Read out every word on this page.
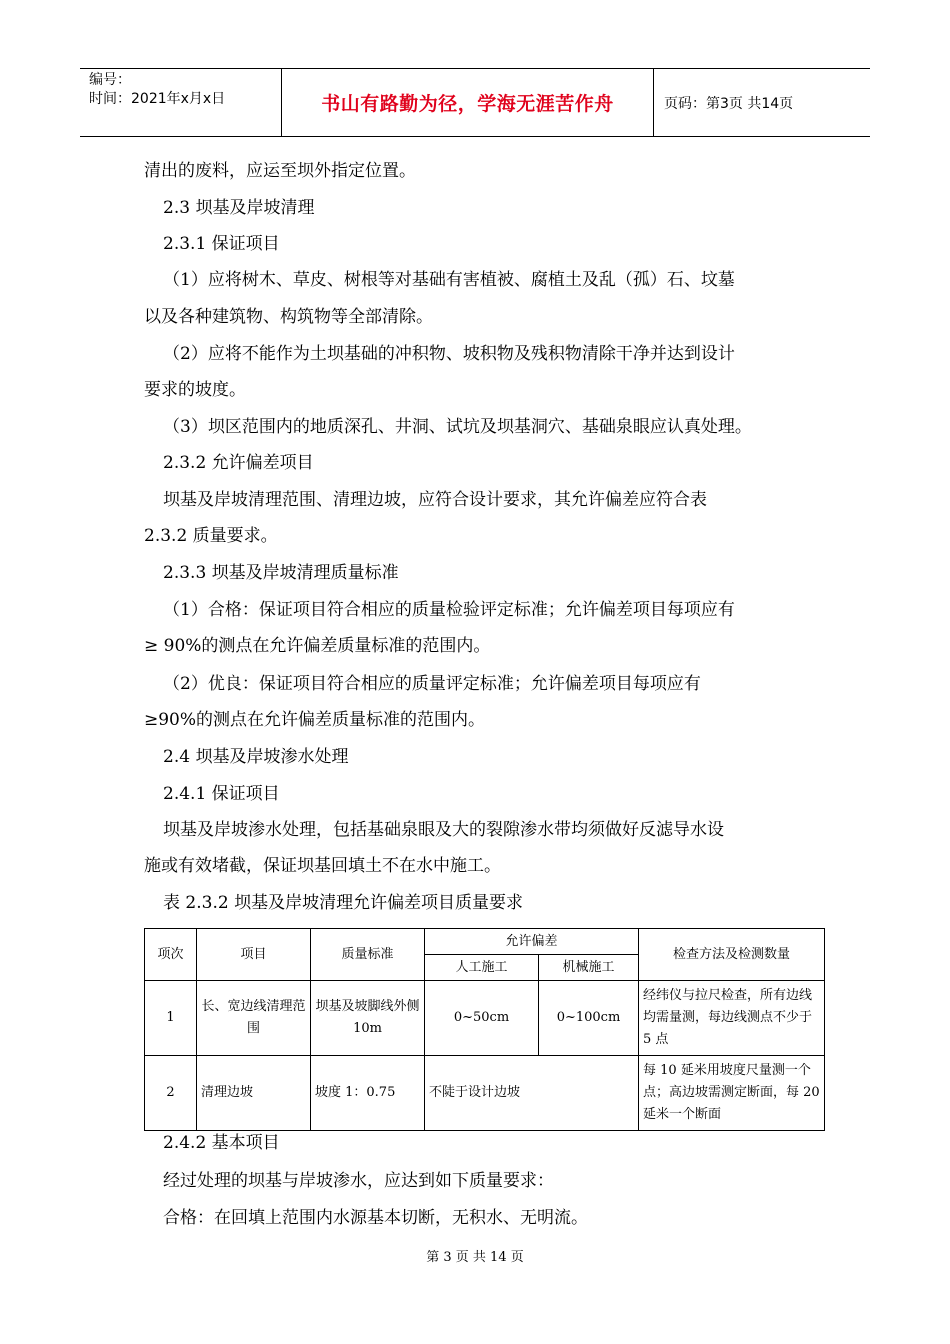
编号：
时间：2021年x月x日	书山有路勤为径，学海无涯苦作舟	页码：第3页 共14页
清出的废料，应运至坝外指定位置。
2.3 坝基及岸坡清理
2.3.1 保证项目
（1）应将树木、草皮、树根等对基础有害植被、腐植土及乱（孤）石、坟墓
以及各种建筑物、构筑物等全部清除。
（2）应将不能作为土坝基础的冲积物、坡积物及残积物清除干净并达到设计
要求的坡度。
（3）坝区范围内的地质深孔、井洞、试坑及坝基洞穴、基础泉眼应认真处理。
2.3.2 允许偏差项目
坝基及岸坡清理范围、清理边坡，应符合设计要求，其允许偏差应符合表
2.3.2 质量要求。
2.3.3 坝基及岸坡清理质量标准
（1）合格：保证项目符合相应的质量检验评定标准；允许偏差项目每项应有
≥ 90%的测点在允许偏差质量标准的范围内。
（2）优良：保证项目符合相应的质量评定标准；允许偏差项目每项应有
≥90%的测点在允许偏差质量标准的范围内。
2.4 坝基及岸坡渗水处理
2.4.1 保证项目
坝基及岸坡渗水处理，包括基础泉眼及大的裂隙渗水带均须做好反滤导水设
施或有效堵截，保证坝基回填土不在水中施工。
表 2.3.2 坝基及岸坡清理允许偏差项目质量要求
项次	项目	质量标准	允许偏差		检查方法及检测数量
			人工施工	机械施工	
1	长、宽边线清理范围	坝基及坡脚线外侧 10m	0~50cm	0~100cm	经纬仪与拉尺检查，所有边线均需量测，每边线测点不少于 5 点
2	清理边坡	坡度 1：0.75	不陡于设计边坡		每 10 延米用坡度尺量测一个点；高边坡需测定断面，每 20 延米一个断面
2.4.2 基本项目
经过处理的坝基与岸坡渗水，应达到如下质量要求：
合格：在回填上范围内水源基本切断，无积水、无明流。
第 3 页 共 14 页
